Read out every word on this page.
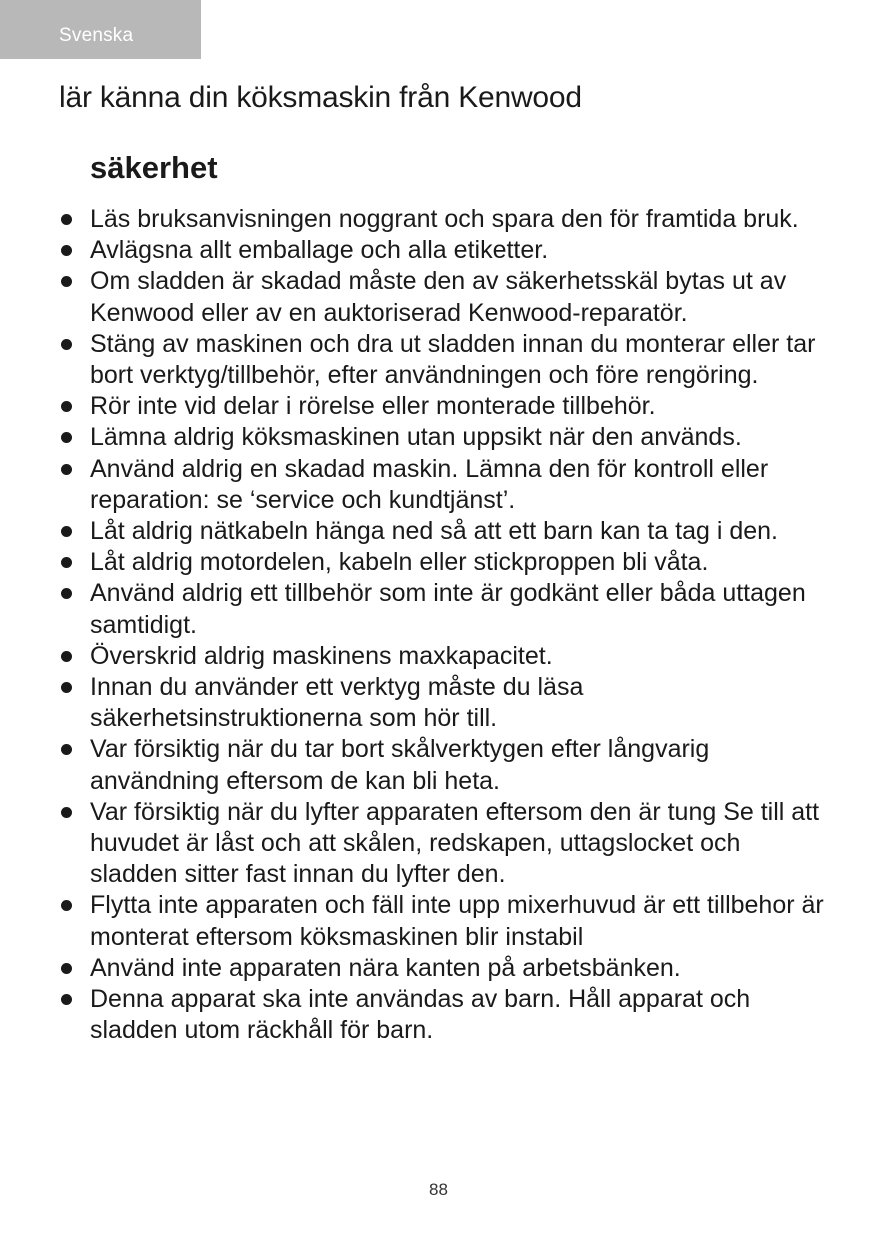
Svenska
lär känna din köksmaskin från Kenwood
säkerhet
Läs bruksanvisningen noggrant och spara den för framtida bruk.
Avlägsna allt emballage och alla etiketter.
Om sladden är skadad måste den av säkerhetsskäl bytas ut av Kenwood eller av en auktoriserad Kenwood-reparatör.
Stäng av maskinen och dra ut sladden innan du monterar eller tar bort verktyg/tillbehör, efter användningen och före rengöring.
Rör inte vid delar i rörelse eller monterade tillbehör.
Lämna aldrig köksmaskinen utan uppsikt när den används.
Använd aldrig en skadad maskin. Lämna den för kontroll eller reparation: se ‘service och kundtjänst’.
Låt aldrig nätkabeln hänga ned så att ett barn kan ta tag i den.
Låt aldrig motordelen, kabeln eller stickproppen bli våta.
Använd aldrig ett tillbehör som inte är godkänt eller båda uttagen samtidigt.
Överskrid aldrig maskinens maxkapacitet.
Innan du använder ett verktyg måste du läsa säkerhetsinstruktionerna som hör till.
Var försiktig när du tar bort skålverktygen efter långvarig användning eftersom de kan bli heta.
Var försiktig när du lyfter apparaten eftersom den är tung Se till att huvudet är låst och att skålen, redskapen, uttagslocket och sladden sitter fast innan du lyfter den.
Flytta inte apparaten och fäll inte upp mixerhuvud är ett tillbehor är monterat eftersom köksmaskinen blir instabil
Använd inte apparaten nära kanten på arbetsbänken.
Denna apparat ska inte användas av barn. Håll apparat och sladden utom räckhåll för barn.
88
